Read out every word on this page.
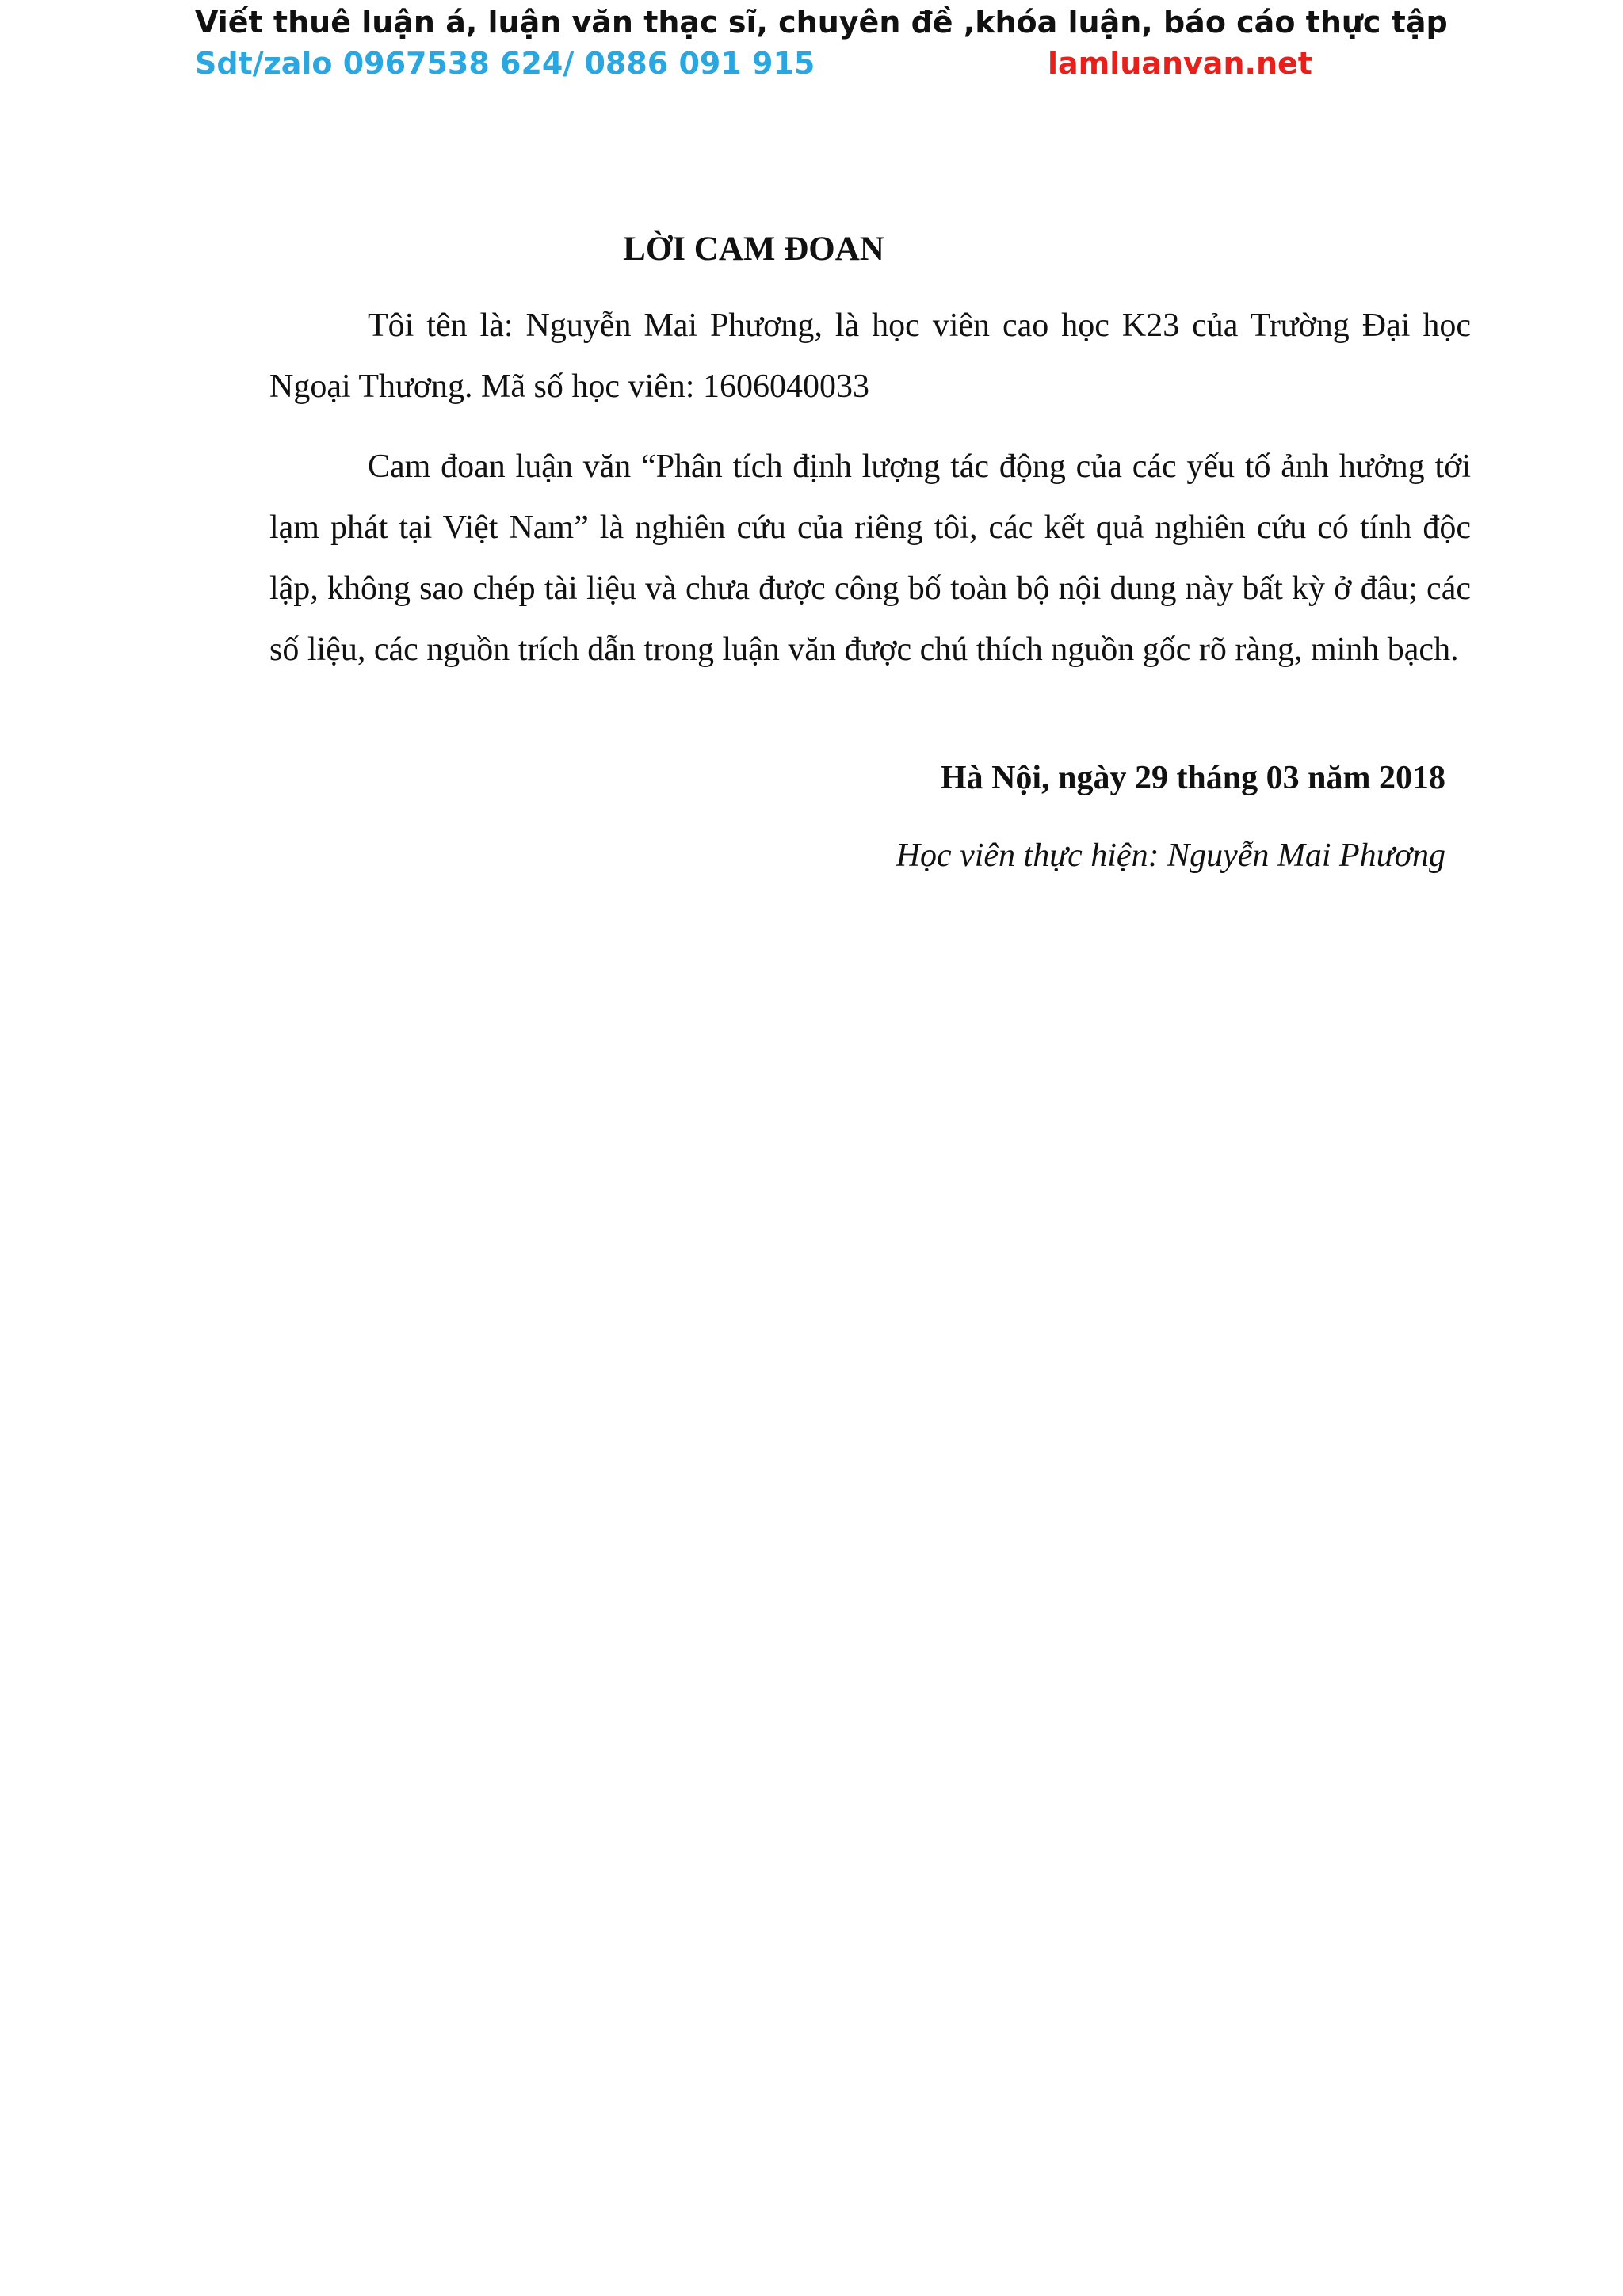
Viết thuê luận á, luận văn thạc sĩ, chuyên đề ,khóa luận, báo cáo thực tập
Sdt/zalo 0967538 624/ 0886 091 915	lamluanvan.net
LỜI CAM ĐOAN

Tôi tên là: Nguyễn Mai Phương, là học viên cao học K23 của Trường Đại học Ngoại Thương. Mã số học viên: 1606040033

Cam đoan luận văn “Phân tích định lượng tác động của các yếu tố ảnh hưởng tới lạm phát tại Việt Nam” là nghiên cứu của riêng tôi, các kết quả nghiên cứu có tính độc lập, không sao chép tài liệu và chưa được công bố toàn bộ nội dung này bất kỳ ở đâu; các số liệu, các nguồn trích dẫn trong luận văn được chú thích nguồn gốc rõ ràng, minh bạch.

Hà Nội, ngày 29 tháng 03 năm 2018
Học viên thực hiện: Nguyễn Mai Phương
